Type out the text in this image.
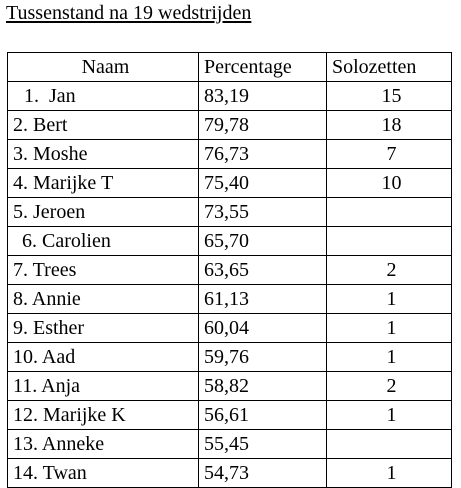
Tussenstand na 19 wedstrijden
Naam	Percentage	Solozetten
1.  Jan	83,19	15
2. Bert	79,78	18
3. Moshe	76,73	7
4. Marijke T	75,40	10
5. Jeroen	73,55	
6. Carolien	65,70	
7. Trees	63,65	2
8. Annie	61,13	1
9. Esther	60,04	1
10. Aad	59,76	1
11. Anja	58,82	2
12. Marijke K	56,61	1
13. Anneke	55,45	
14. Twan	54,73	1
